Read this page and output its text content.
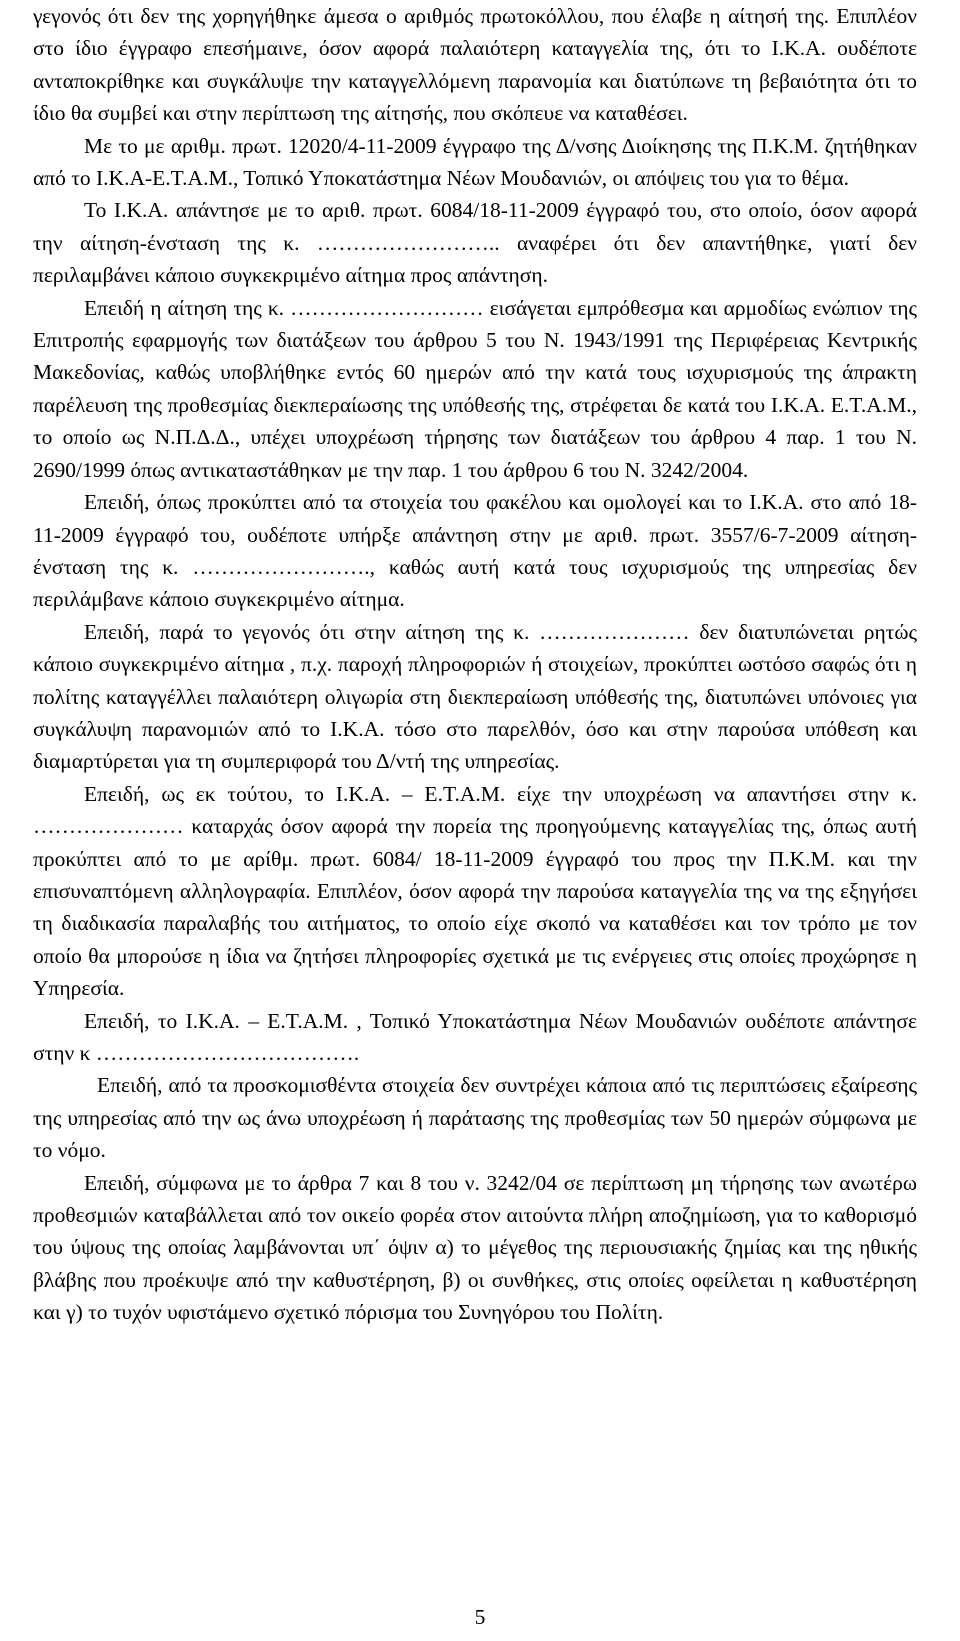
γεγονός ότι δεν της χορηγήθηκε άμεσα ο αριθμός πρωτοκόλλου, που έλαβε η αίτησή της. Επιπλέον στο ίδιο έγγραφο επεσήμαινε, όσον αφορά παλαιότερη καταγγελία της, ότι το Ι.Κ.Α. ουδέποτε ανταποκρίθηκε και συγκάλυψε την καταγγελλόμενη παρανομία και διατύπωνε τη βεβαιότητα ότι το ίδιο θα συμβεί και στην περίπτωση της αίτησής, που σκόπευε να καταθέσει.

Με το με αριθμ. πρωτ. 12020/4-11-2009 έγγραφο της Δ/νσης Διοίκησης της Π.Κ.Μ. ζητήθηκαν από το Ι.Κ.Α-Ε.Τ.Α.Μ., Τοπικό Υποκατάστημα Νέων Μουδανιών, οι απόψεις του για το θέμα.

Το Ι.Κ.Α. απάντησε με το αριθ. πρωτ. 6084/18-11-2009 έγγραφό του, στο οποίο, όσον αφορά την αίτηση-ένσταση της κ. …………………….. αναφέρει ότι δεν απαντήθηκε, γιατί δεν περιλαμβάνει κάποιο συγκεκριμένο αίτημα προς απάντηση.

Επειδή η αίτηση της κ. ……………………… εισάγεται εμπρόθεσμα και αρμοδίως ενώπιον της Επιτροπής εφαρμογής των διατάξεων του άρθρου 5 του Ν. 1943/1991 της Περιφέρειας Κεντρικής Μακεδονίας, καθώς υποβλήθηκε εντός 60 ημερών από την κατά τους ισχυρισμούς της άπρακτη παρέλευση της προθεσμίας διεκπεραίωσης της υπόθεσής της, στρέφεται δε κατά του Ι.Κ.Α. Ε.Τ.Α.Μ., το οποίο ως Ν.Π.Δ.Δ., υπέχει υποχρέωση τήρησης των διατάξεων του άρθρου 4 παρ. 1 του Ν. 2690/1999 όπως αντικαταστάθηκαν με την παρ. 1 του άρθρου 6 του Ν. 3242/2004.

Επειδή, όπως προκύπτει από τα στοιχεία του φακέλου και ομολογεί και το Ι.Κ.Α. στο από 18-11-2009 έγγραφό του, ουδέποτε υπήρξε απάντηση στην με αριθ. πρωτ. 3557/6-7-2009 αίτηση-ένσταση της κ. ……………………., καθώς αυτή κατά τους ισχυρισμούς της υπηρεσίας δεν περιλάμβανε κάποιο συγκεκριμένο αίτημα.

Επειδή, παρά το γεγονός ότι στην αίτηση της κ. ………………… δεν διατυπώνεται ρητώς κάποιο συγκεκριμένο αίτημα , π.χ. παροχή πληροφοριών ή στοιχείων, προκύπτει ωστόσο σαφώς ότι η πολίτης καταγγέλλει παλαιότερη ολιγωρία στη διεκπεραίωση υπόθεσής της, διατυπώνει υπόνοιες για συγκάλυψη παρανομιών από το Ι.Κ.Α. τόσο στο παρελθόν, όσο και στην παρούσα υπόθεση και διαμαρτύρεται για τη συμπεριφορά του Δ/ντή της υπηρεσίας.

Επειδή, ως εκ τούτου, το Ι.Κ.Α. – Ε.Τ.Α.Μ. είχε την υποχρέωση να απαντήσει στην κ. ………………… καταρχάς όσον αφορά την πορεία της προηγούμενης καταγγελίας της, όπως αυτή προκύπτει από το με αρίθμ. πρωτ. 6084/ 18-11-2009 έγγραφό του προς την Π.Κ.Μ. και την επισυναπτόμενη αλληλογραφία. Επιπλέον, όσον αφορά την παρούσα καταγγελία της να της εξηγήσει τη διαδικασία παραλαβής του αιτήματος, το οποίο είχε σκοπό να καταθέσει και τον τρόπο με τον οποίο θα μπορούσε η ίδια να ζητήσει πληροφορίες σχετικά με τις ενέργειες στις οποίες προχώρησε η Υπηρεσία.

Επειδή, το Ι.Κ.Α. – Ε.Τ.Α.Μ. , Τοπικό Υποκατάστημα Νέων Μουδανιών ουδέποτε απάντησε στην κ ……………………………….

Επειδή, από τα προσκομισθέντα στοιχεία δεν συντρέχει κάποια από τις περιπτώσεις εξαίρεσης της υπηρεσίας από την ως άνω υποχρέωση ή παράτασης της προθεσμίας των 50 ημερών σύμφωνα με το νόμο.

Επειδή, σύμφωνα με το άρθρα 7 και 8 του ν. 3242/04 σε περίπτωση μη τήρησης των ανωτέρω προθεσμιών καταβάλλεται από τον οικείο φορέα στον αιτούντα πλήρη αποζημίωση, για το καθορισμό του ύψους της οποίας λαμβάνονται υπ΄ όψιν α) το μέγεθος της περιουσιακής ζημίας και της ηθικής βλάβης που προέκυψε από την καθυστέρηση, β) οι συνθήκες, στις οποίες οφείλεται η καθυστέρηση και γ) το τυχόν υφιστάμενο σχετικό πόρισμα του Συνηγόρου του Πολίτη.

5
